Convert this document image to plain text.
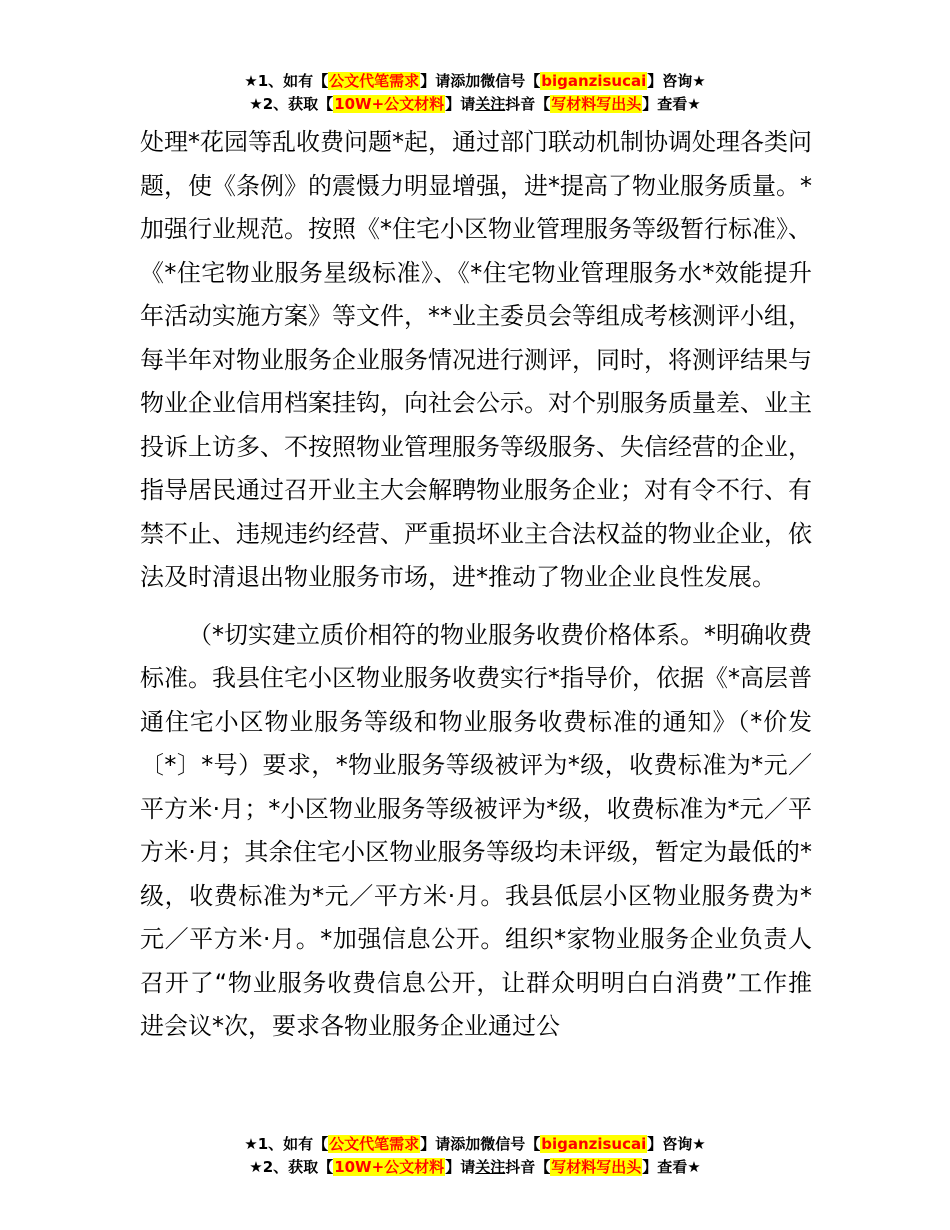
★1、如有【公文代笔需求】请添加微信号【biganzisucai】咨询★
★2、获取【10W+公文材料】请关注抖音【写材料写出头】查看★

处理*花园等乱收费问题*起，通过部门联动机制协调处理各类问题，使《条例》的震慑力明显增强，进*提高了物业服务质量。*加强行业规范。按照《*住宅小区物业管理服务等级暂行标准》、《*住宅物业服务星级标准》、《*住宅物业管理服务水*效能提升年活动实施方案》等文件，**业主委员会等组成考核测评小组，每半年对物业服务企业服务情况进行测评，同时，将测评结果与物业企业信用档案挂钩，向社会公示。对个别服务质量差、业主投诉上访多、不按照物业管理服务等级服务、失信经营的企业，指导居民通过召开业主大会解聘物业服务企业；对有令不行、有禁不止、违规违约经营、严重损坏业主合法权益的物业企业，依法及时清退出物业服务市场，进*推动了物业企业良性发展。

（*切实建立质价相符的物业服务收费价格体系。*明确收费标准。我县住宅小区物业服务收费实行*指导价，依据《*高层普通住宅小区物业服务等级和物业服务收费标准的通知》（*价发〔*〕*号）要求，*物业服务等级被评为*级，收费标准为*元／平方米·月；*小区物业服务等级被评为*级，收费标准为*元／平方米·月；其余住宅小区物业服务等级均未评级，暂定为最低的*级，收费标准为*元／平方米·月。我县低层小区物业服务费为*元／平方米·月。*加强信息公开。组织*家物业服务企业负责人召开了“物业服务收费信息公开，让群众明明白白消费”工作推进会议*次，要求各物业服务企业通过公

★1、如有【公文代笔需求】请添加微信号【biganzisucai】咨询★
★2、获取【10W+公文材料】请关注抖音【写材料写出头】查看★
